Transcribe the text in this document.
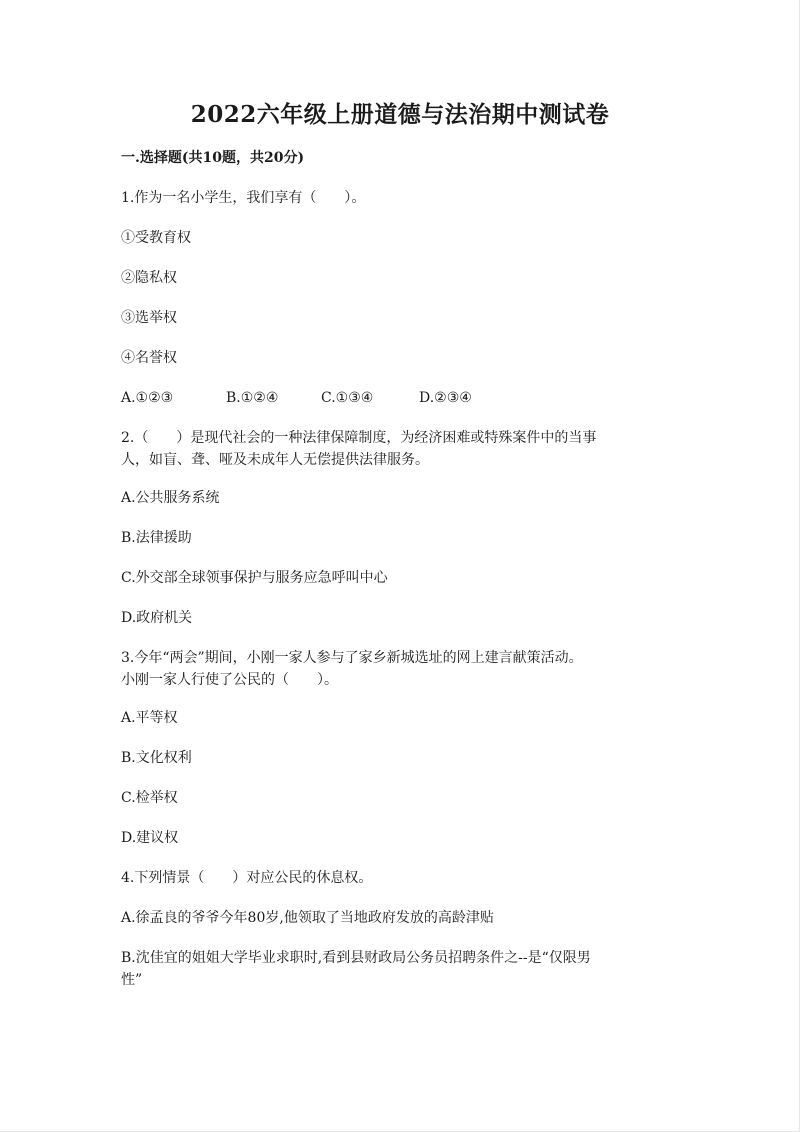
2022六年级上册道德与法治期中测试卷
一.选择题(共10题，共20分)
1.作为一名小学生，我们享有（　　）。
①受教育权
②隐私权
③选举权
④名誉权
A.①②③	B.①②④	C.①③④	D.②③④
2.（　　）是现代社会的一种法律保障制度，为经济困难或特殊案件中的当事
人，如盲、聋、哑及未成年人无偿提供法律服务。
A.公共服务系统
B.法律援助
C.外交部全球领事保护与服务应急呼叫中心
D.政府机关
3.今年“两会”期间，小刚一家人参与了家乡新城选址的网上建言献策活动。
小刚一家人行使了公民的（　　）。
A.平等权
B.文化权利
C.检举权
D.建议权
4.下列情景（　　）对应公民的休息权。
A.徐孟良的爷爷今年80岁,他领取了当地政府发放的高龄津贴
B.沈佳宜的姐姐大学毕业求职时,看到县财政局公务员招聘条件之--是“仅限男
性”
